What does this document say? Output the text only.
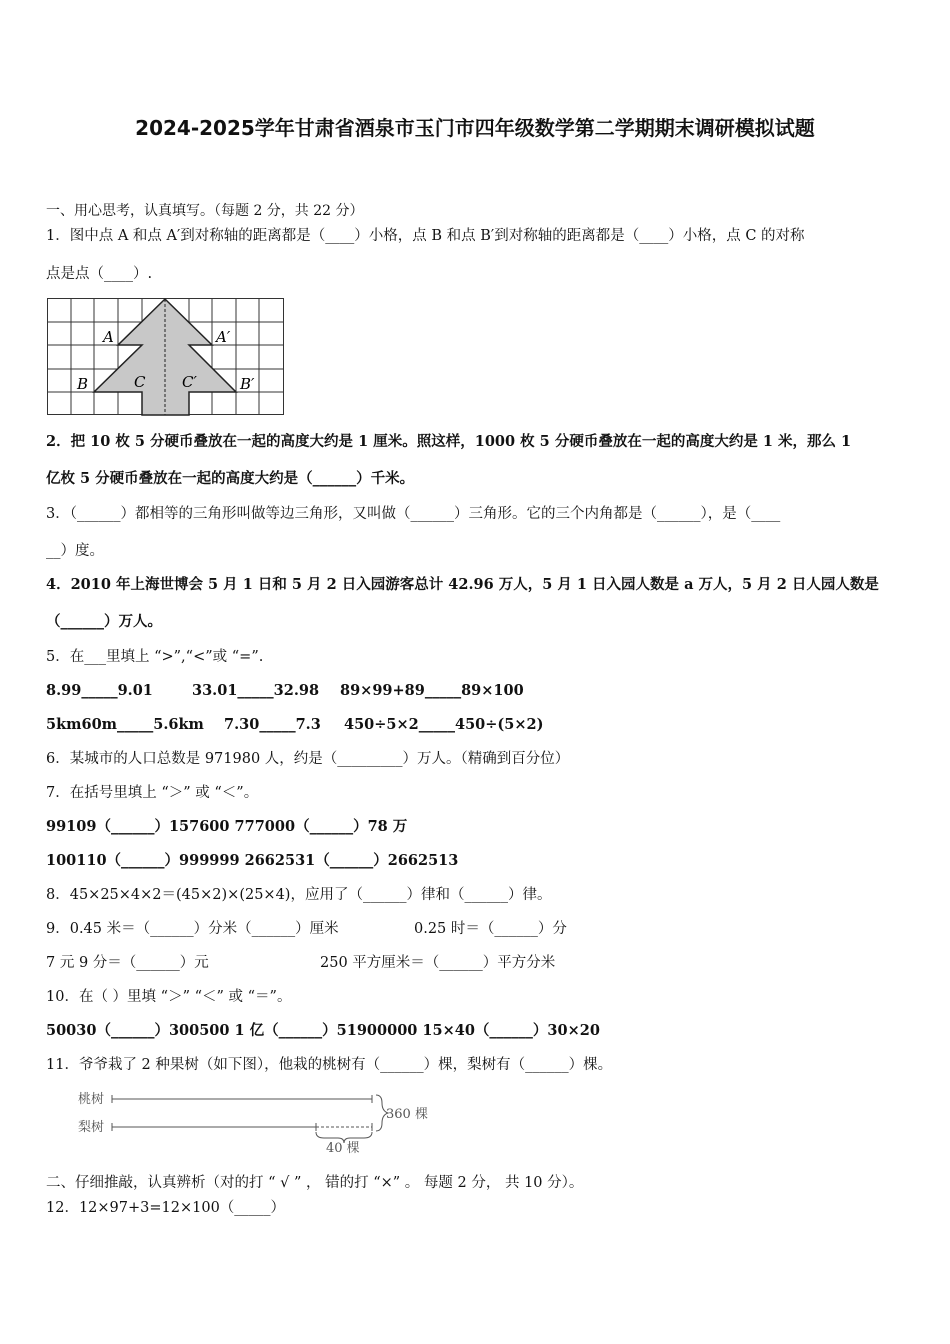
2024-2025学年甘肃省酒泉市玉门市四年级数学第二学期期末调研模拟试题
一、用心思考，认真填写。（每题 2 分，共 22 分）
1．图中点 A 和点 A′到对称轴的距离都是（____）小格，点 B 和点 B′到对称轴的距离都是（____）小格，点 C 的对称
点是点（____）.
A	A′
B	C C′	B′
2．把 10 枚 5 分硬币叠放在一起的高度大约是 1 厘米。照这样，1000 枚 5 分硬币叠放在一起的高度大约是 1 米，那么 1
亿枚 5 分硬币叠放在一起的高度大约是（______）千米。
3．（______）都相等的三角形叫做等边三角形，又叫做（______）三角形。它的三个内角都是（______），是（____
__）度。
4．2010 年上海世博会 5 月 1 日和 5 月 2 日入园游客总计 42.96 万人，5 月 1 日入园人数是 a 万人，5 月 2 日人园人数是
（______）万人。
5．在___里填上 “>”,“<”或 “=”.
8.99_____9.01	33.01_____32.98 89×99+89_____89×100
5km60m_____5.6km 7.30_____7.3 450÷5×2_____450÷(5×2)
6．某城市的人口总数是 971980 人，约是（_________）万人。（精确到百分位）
7．在括号里填上 “＞” 或 “＜”。
99109（______）157600 777000（______）78 万
100110（______）999999 2662531（______）2662513
8．45×25×4×2＝(45×2)×(25×4)，应用了（______）律和（______）律。
9．0.45 米＝（______）分米（______）厘米	0.25 时＝（______）分
7 元 9 分＝（______）元	250 平方厘米＝（______）平方分米
10．在（ ）里填 “＞” “＜” 或 “＝”。
50030（______）300500 1 亿（______）51900000 15×40（______）30×20
11．爷爷栽了 2 种果树（如下图），他栽的桃树有（______）棵，梨树有（______）棵。
桃树
梨树
360 棵
40 棵
二、仔细推敲，认真辨析（对的打 “ √ ” ， 错的打 “×” 。 每题 2 分， 共 10 分）。
12．12×97+3=12×100（_____）
